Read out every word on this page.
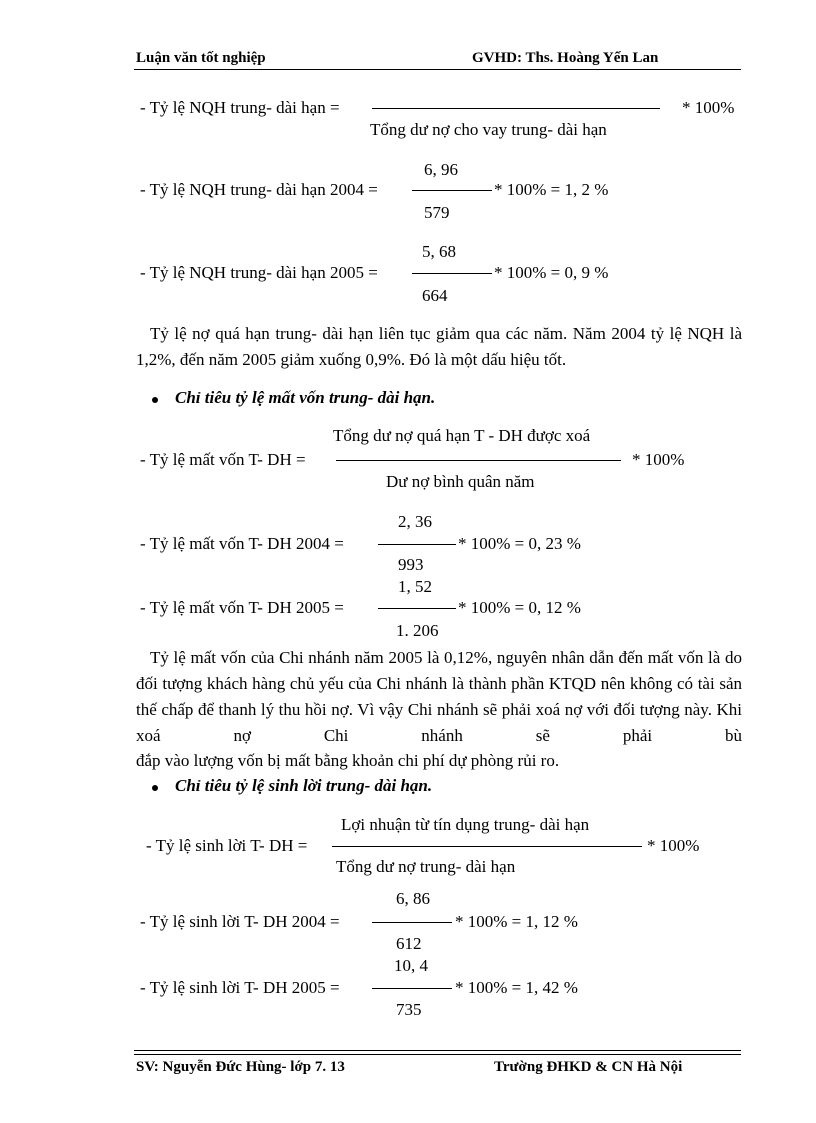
Luận văn tốt nghiệp	GVHD: Ths. Hoàng Yến Lan
- Tỷ lệ NQH trung- dài hạn =	* 100%
Tổng dư nợ cho vay trung- dài hạn
6, 96
- Tỷ lệ NQH trung- dài hạn 2004 =	* 100% = 1, 2 %
579
5, 68
- Tỷ lệ NQH trung- dài hạn 2005 =	* 100% = 0, 9 %
664
Tỷ lệ nợ quá hạn trung- dài hạn liên tục giảm qua các năm. Năm 2004 tỷ lệ NQH là 1,2%, đến năm 2005 giảm xuống 0,9%. Đó là một dấu hiệu tốt.
Chỉ tiêu tỷ lệ mất vốn trung- dài hạn.
Tổng dư nợ quá hạn T - DH được xoá
- Tỷ lệ mất vốn T- DH =	* 100%
Dư nợ bình quân năm
2, 36
- Tỷ lệ mất vốn T- DH 2004 =	* 100% = 0, 23 %
993
1, 52
- Tỷ lệ mất vốn T- DH 2005 =	* 100% = 0, 12 %
1. 206
Tỷ lệ mất vốn của Chi nhánh năm 2005 là 0,12%, nguyên nhân dẫn đến mất vốn là do đối tượng khách hàng chủ yếu của Chi nhánh là thành phần KTQD nên không có tài sản thế chấp để thanh lý thu hồi nợ. Vì vậy Chi nhánh sẽ phải xoá nợ với đối tượng này. Khi xoá nợ Chi nhánh sẽ phải bù
đắp vào lượng vốn bị mất bằng khoản chi phí dự phòng rủi ro.
Chỉ tiêu tỷ lệ sinh lời trung- dài hạn.
Lợi nhuận từ tín dụng trung- dài hạn
- Tỷ lệ sinh lời T- DH =	* 100%
Tổng dư nợ trung- dài hạn
6, 86
- Tỷ lệ sinh lời T- DH 2004 =	* 100% = 1, 12 %
612
10, 4
- Tỷ lệ sinh lời T- DH 2005 =	* 100% = 1, 42 %
735
SV: Nguyễn Đức Hùng- lớp 7. 13	Trường ĐHKD & CN Hà Nội
